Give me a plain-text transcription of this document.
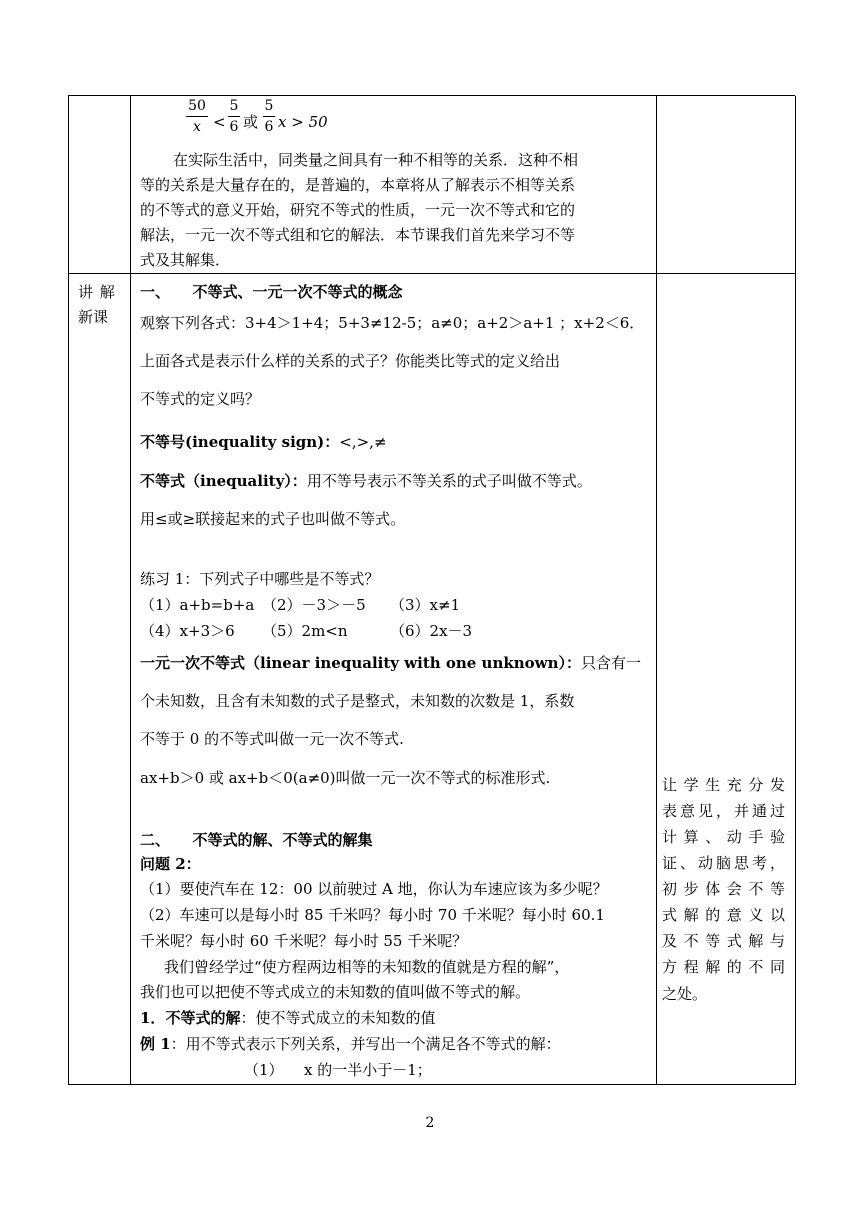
50
x <
5
6 或
5
6 x > 50
在实际生活中，同类量之间具有一种不相等的关系．这种不相
等的关系是大量存在的，是普遍的，本章将从了解表示不相等关系
的不等式的意义开始，研究不等式的性质，一元一次不等式和它的
解法，一元一次不等式组和它的解法．本节课我们首先来学习不等
式及其解集．
讲 解
新课
一、　　不等式、一元一次不等式的概念
观察下列各式：3+4＞1+4；5+3≠12-5；a≠0；a+2＞a+1 ；x+2＜6．
上面各式是表示什么样的关系的式子？你能类比等式的定义给出
不等式的定义吗？
不等号(inequality sign)：<,>,≠
不等式（inequality）：用不等号表示不等关系的式子叫做不等式。
用≤或≥联接起来的式子也叫做不等式。
练习 1：下列式子中哪些是不等式？
（1）a+b=b+a （2）－3＞－5 （3）x≠1
（4）x+3＞6 （5）2m<n	（6）2x－3
一元一次不等式（linear inequality with one unknown）：只含有一
个未知数，且含有未知数的式子是整式，未知数的次数是 1，系数
不等于 0 的不等式叫做一元一次不等式.
ax+b＞0 或 ax+b＜0(a≠0)叫做一元一次不等式的标准形式.
二、　　不等式的解、不等式的解集
问题 2：
（1）要使汽车在 12：00 以前驶过 A 地，你认为车速应该为多少呢？
（2）车速可以是每小时 85 千米吗？每小时 70 千米呢？每小时 60.1
千米呢？每小时 60 千米呢？每小时 55 千米呢？
我们曾经学过“使方程两边相等的未知数的值就是方程的解”，
我们也可以把使不等式成立的未知数的值叫做不等式的解。
1．不等式的解：使不等式成立的未知数的值
例 1：用不等式表示下列关系，并写出一个满足各不等式的解：
（1） x 的一半小于－1；
让学生充分发
表意见，并通过
计算、动手验
证、动脑思考，
初步体会不等
式解的意义以
及不等式解与
方程解的不同
之处。
2
